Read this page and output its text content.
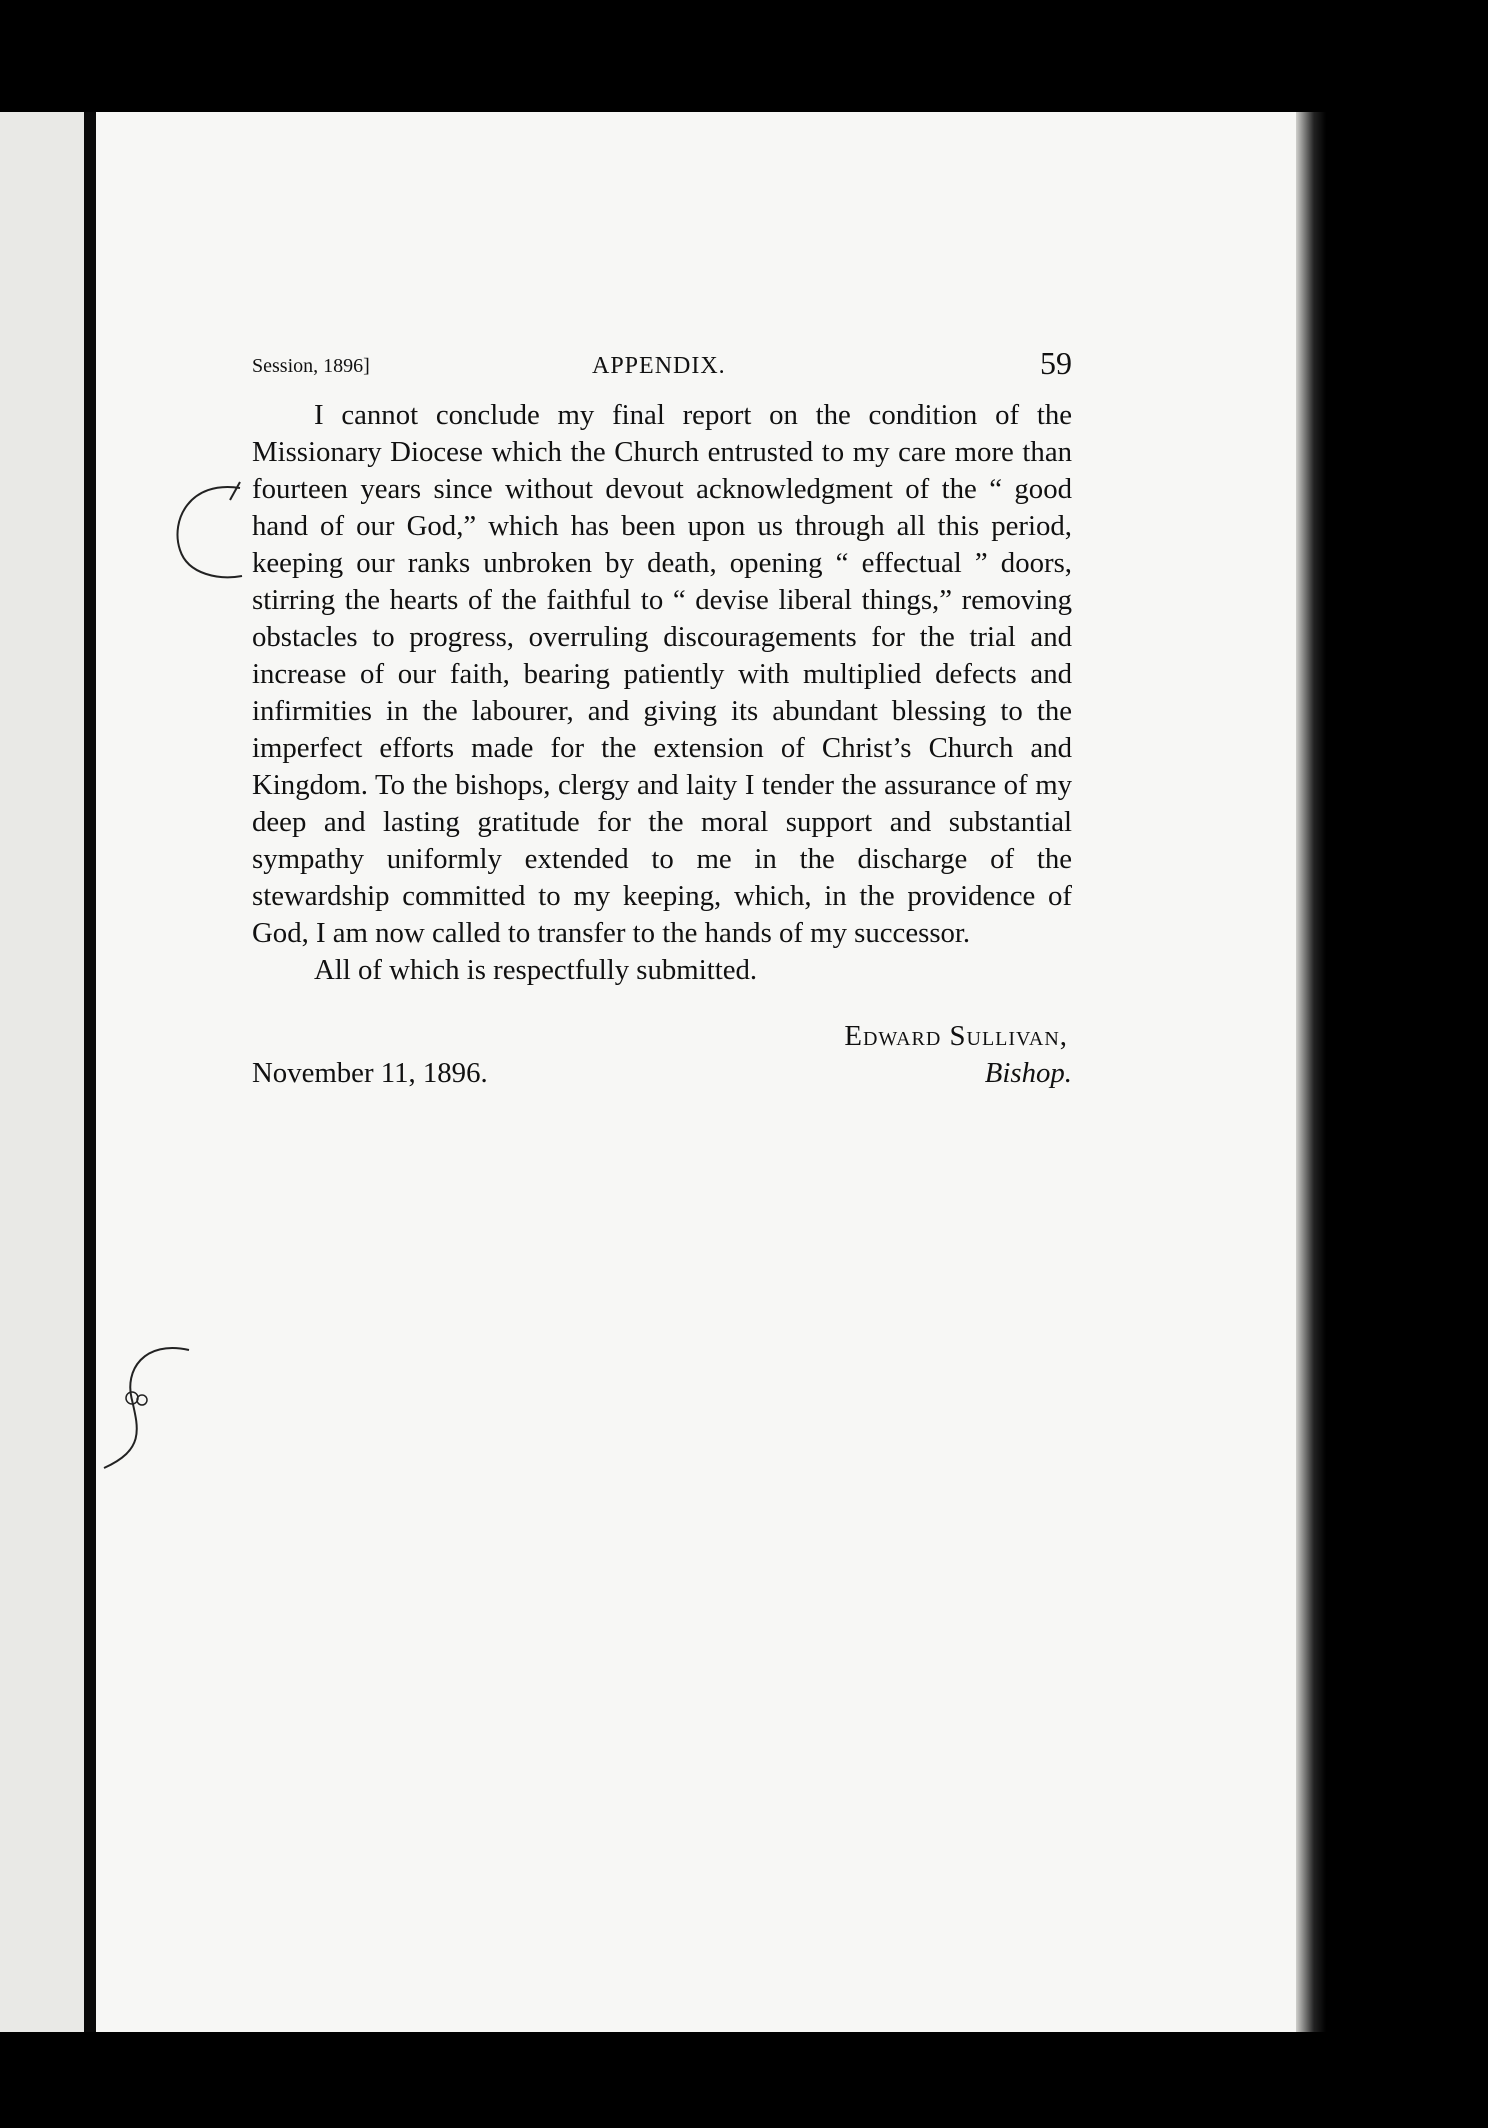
Session, 1896]	APPENDIX.	59

I cannot conclude my final report on the condition of the Missionary Diocese which the Church entrusted to my care more than fourteen years since without devout acknowledgment of the “ good hand of our God,” which has been upon us through all this period, keeping our ranks unbroken by death, opening “ effectual ” doors, stirring the hearts of the faithful to “ devise liberal things,” removing obstacles to progress, overruling discouragements for the trial and increase of our faith, bearing patiently with multiplied defects and infirmities in the labourer, and giving its abundant blessing to the imperfect efforts made for the extension of Christ’s Church and Kingdom. To the bishops, clergy and laity I tender the assurance of my deep and lasting gratitude for the moral support and substantial sympathy uniformly extended to me in the discharge of the stewardship committed to my keeping, which, in the providence of God, I am now called to transfer to the hands of my successor.

All of which is respectfully submitted.

Edward Sullivan,
November 11, 1896.	Bishop.
